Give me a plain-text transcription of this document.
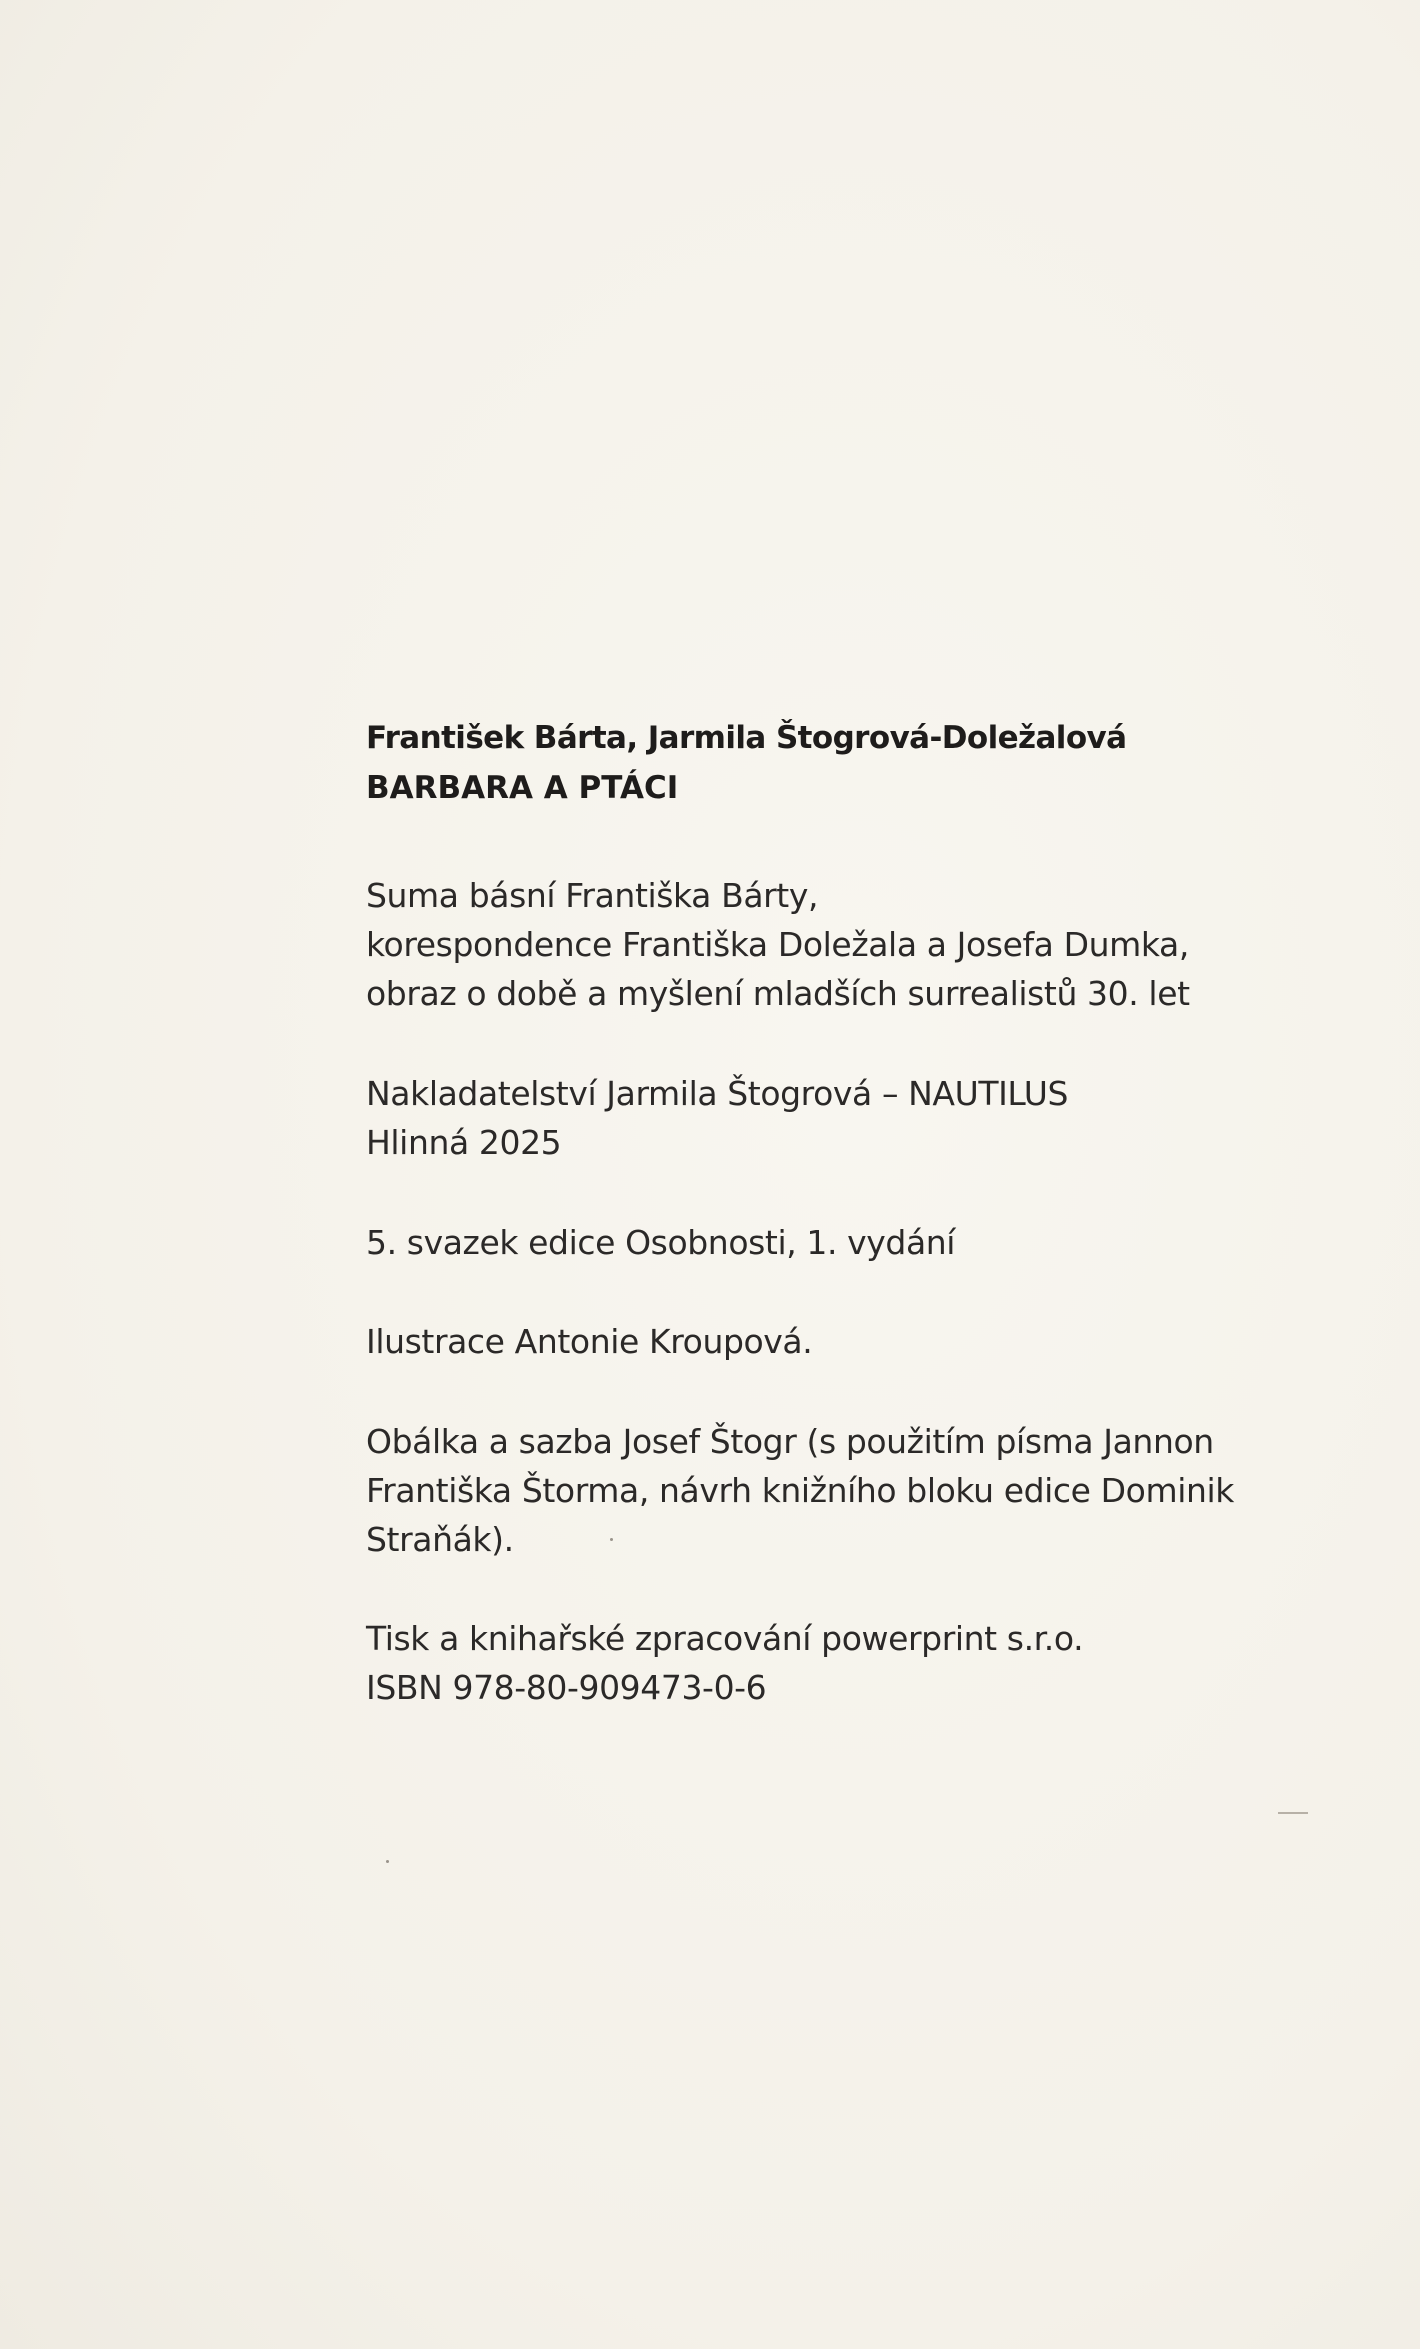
František Bárta, Jarmila Štogrová-Doležalová

BARBARA A PTÁCI

Suma básní Františka Bárty,

korespondence Františka Doležala a Josefa Dumka,

obraz o době a myšlení mladších surrealistů 30. let

Nakladatelství Jarmila Štogrová – NAUTILUS

Hlinná 2025

5. svazek edice Osobnosti, 1. vydání

Ilustrace Antonie Kroupová.

Obálka a sazba Josef Štogr (s použitím písma Jannon

Františka Štorma, návrh knižního bloku edice Dominik

Straňák).

Tisk a knihařské zpracování powerprint s.r.o.

ISBN 978-80-909473-0-6
